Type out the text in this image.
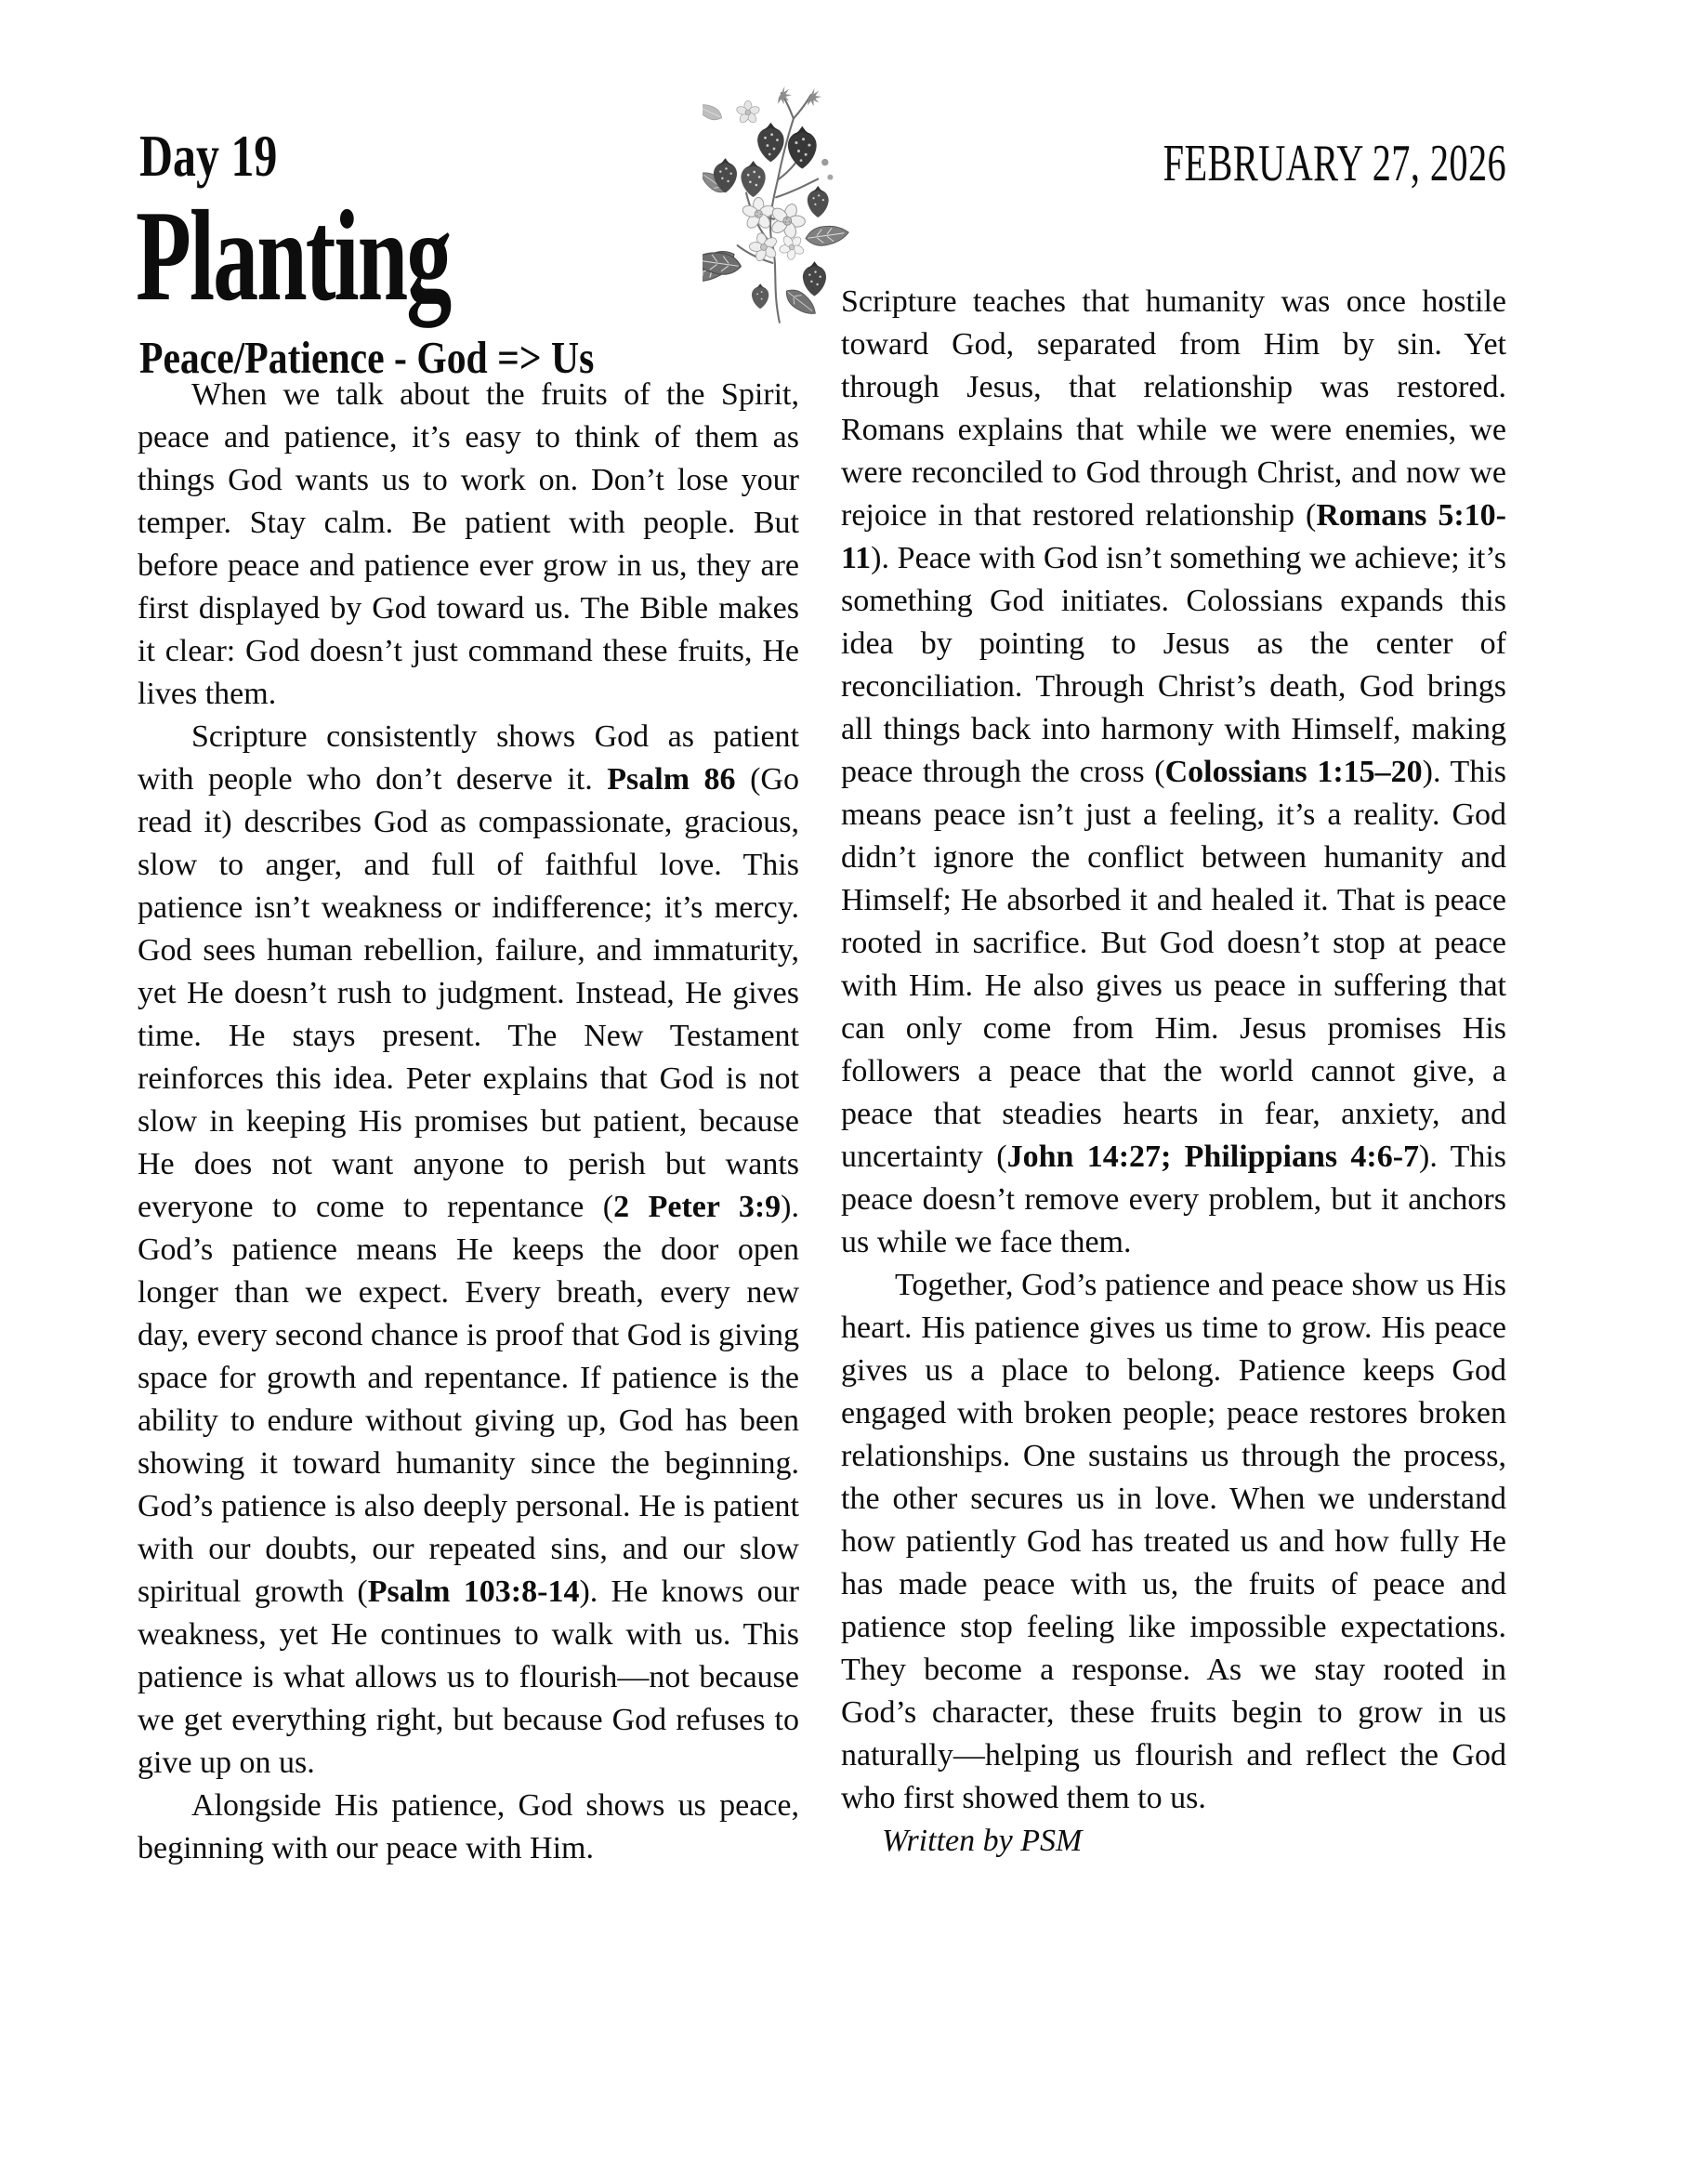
Day 19
Planting
Peace/Patience - God => Us
FEBRUARY 27, 2026

When we talk about the fruits of the Spirit, peace and patience, it’s easy to think of them as things God wants us to work on. Don’t lose your temper. Stay calm. Be patient with people. But before peace and patience ever grow in us, they are first displayed by God toward us. The Bible makes it clear: God doesn’t just command these fruits, He lives them.

Scripture consistently shows God as patient with people who don’t deserve it. Psalm 86 (Go read it) describes God as compassionate, gracious, slow to anger, and full of faithful love. This patience isn’t weakness or indifference; it’s mercy. God sees human rebellion, failure, and immaturity, yet He doesn’t rush to judgment. Instead, He gives time. He stays present. The New Testament reinforces this idea. Peter explains that God is not slow in keeping His promises but patient, because He does not want anyone to perish but wants everyone to come to repentance (2 Peter 3:9). God’s patience means He keeps the door open longer than we expect. Every breath, every new day, every second chance is proof that God is giving space for growth and repentance. If patience is the ability to endure without giving up, God has been showing it toward humanity since the beginning. God’s patience is also deeply personal. He is patient with our doubts, our repeated sins, and our slow spiritual growth (Psalm 103:8-14). He knows our weakness, yet He continues to walk with us. This patience is what allows us to flourish—not because we get everything right, but because God refuses to give up on us.

Alongside His patience, God shows us peace, beginning with our peace with Him.

Scripture teaches that humanity was once hostile toward God, separated from Him by sin. Yet through Jesus, that relationship was restored. Romans explains that while we were enemies, we were reconciled to God through Christ, and now we rejoice in that restored relationship (Romans 5:10-11). Peace with God isn’t something we achieve; it’s something God initiates. Colossians expands this idea by pointing to Jesus as the center of reconciliation. Through Christ’s death, God brings all things back into harmony with Himself, making peace through the cross (Colossians 1:15–20). This means peace isn’t just a feeling, it’s a reality. God didn’t ignore the conflict between humanity and Himself; He absorbed it and healed it. That is peace rooted in sacrifice. But God doesn’t stop at peace with Him. He also gives us peace in suffering that can only come from Him. Jesus promises His followers a peace that the world cannot give, a peace that steadies hearts in fear, anxiety, and uncertainty (John 14:27; Philippians 4:6-7). This peace doesn’t remove every problem, but it anchors us while we face them.

Together, God’s patience and peace show us His heart. His patience gives us time to grow. His peace gives us a place to belong. Patience keeps God engaged with broken people; peace restores broken relationships. One sustains us through the process, the other secures us in love. When we understand how patiently God has treated us and how fully He has made peace with us, the fruits of peace and patience stop feeling like impossible expectations. They become a response. As we stay rooted in God’s character, these fruits begin to grow in us naturally—helping us flourish and reflect the God who first showed them to us.

Written by PSM
